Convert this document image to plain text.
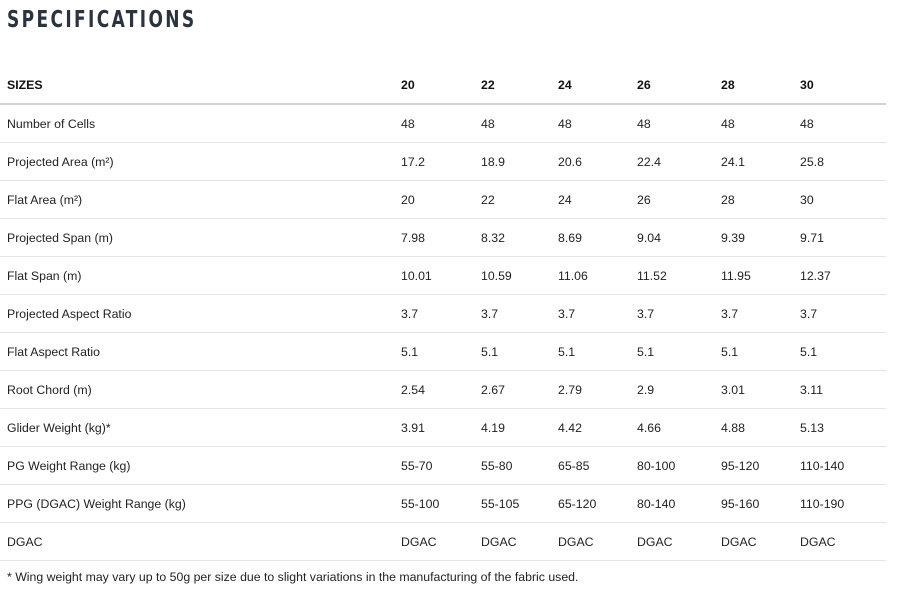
SPECIFICATIONS
SIZES	20	22	24	26	28	30
Number of Cells	48	48	48	48	48	48
Projected Area (m²)	17.2	18.9	20.6	22.4	24.1	25.8
Flat Area (m²)	20	22	24	26	28	30
Projected Span (m)	7.98	8.32	8.69	9.04	9.39	9.71
Flat Span (m)	10.01	10.59	11.06	11.52	11.95	12.37
Projected Aspect Ratio	3.7	3.7	3.7	3.7	3.7	3.7
Flat Aspect Ratio	5.1	5.1	5.1	5.1	5.1	5.1
Root Chord (m)	2.54	2.67	2.79	2.9	3.01	3.11
Glider Weight (kg)*	3.91	4.19	4.42	4.66	4.88	5.13
PG Weight Range (kg)	55-70	55-80	65-85	80-100	95-120	110-140
PPG (DGAC) Weight Range (kg)	55-100	55-105	65-120	80-140	95-160	110-190
DGAC	DGAC	DGAC	DGAC	DGAC	DGAC	DGAC

* Wing weight may vary up to 50g per size due to slight variations in the manufacturing of the fabric used.
